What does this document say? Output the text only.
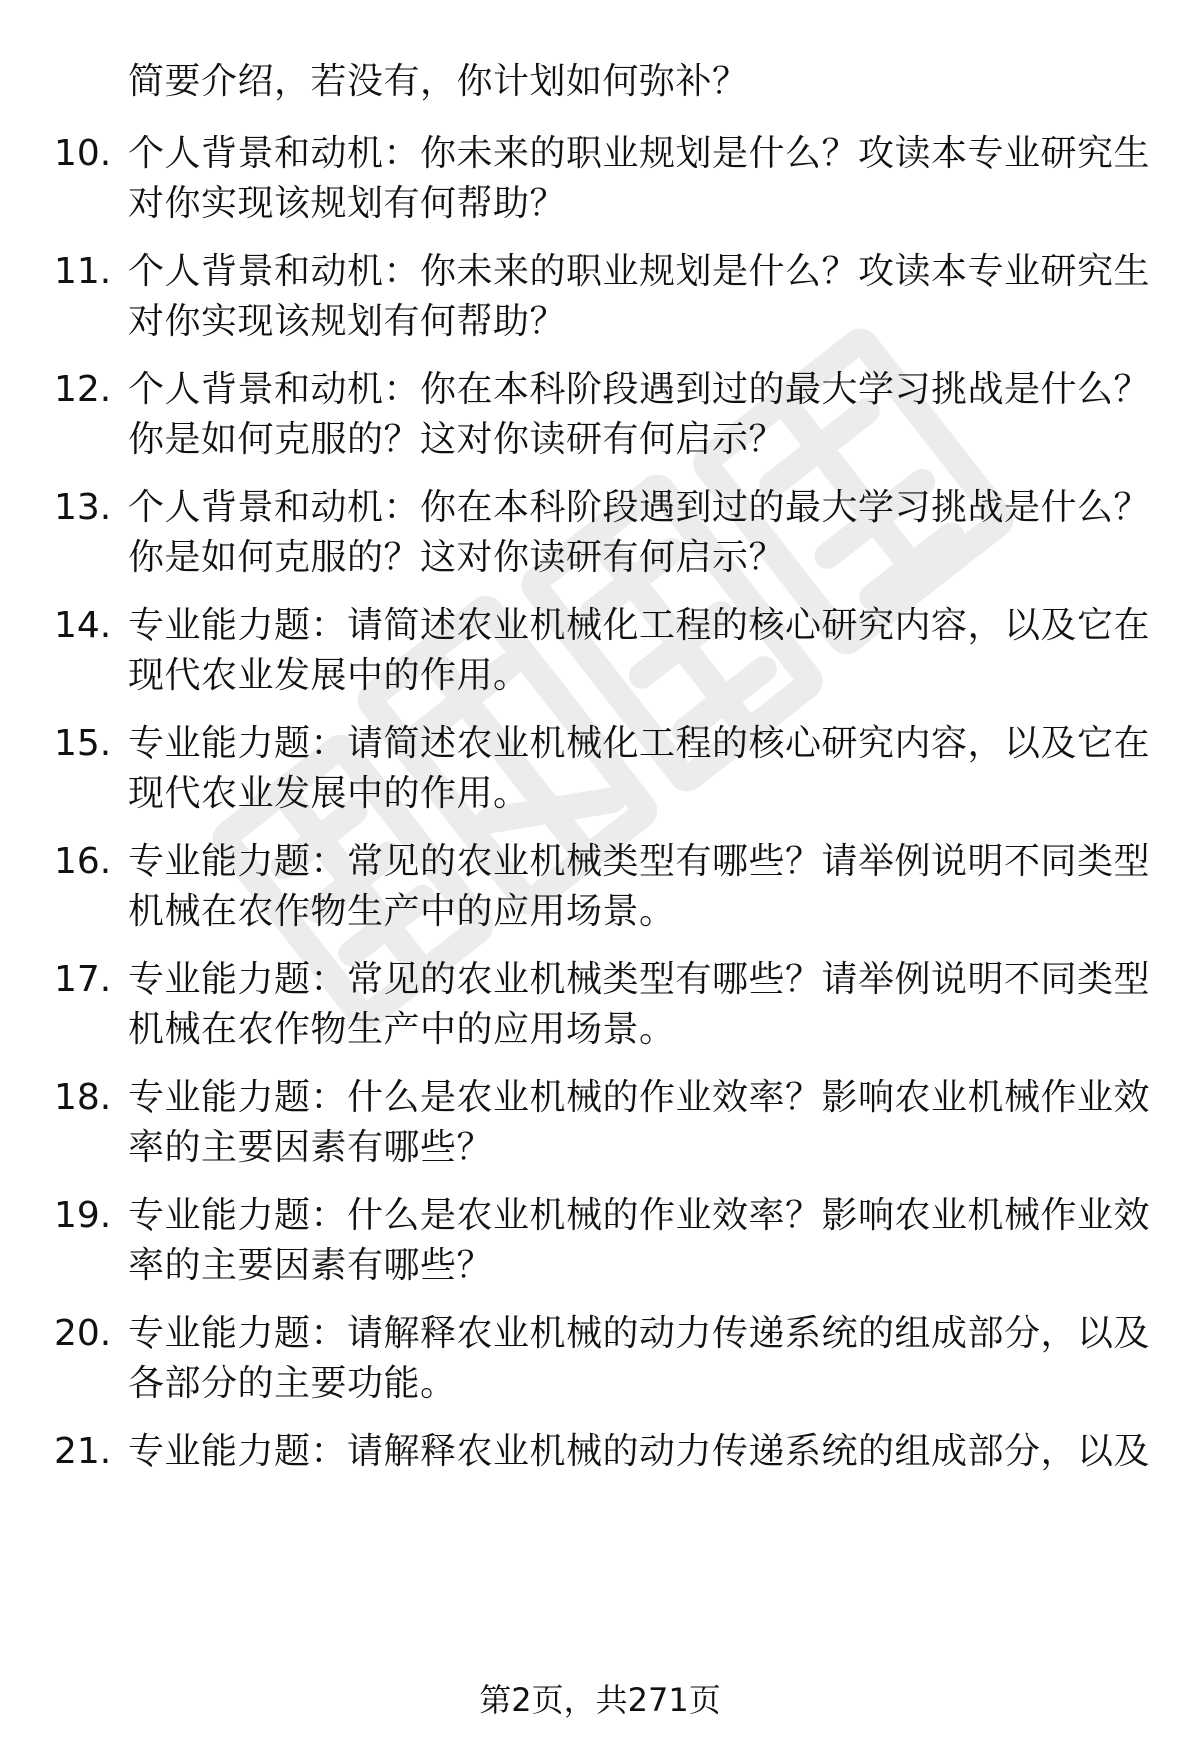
简要介绍，若没有，你计划如何弥补？
10. 个人背景和动机：你未来的职业规划是什么？攻读本专业研究生
对你实现该规划有何帮助？
11. 个人背景和动机：你未来的职业规划是什么？攻读本专业研究生
对你实现该规划有何帮助？
12. 个人背景和动机：你在本科阶段遇到过的最大学习挑战是什么？
你是如何克服的？这对你读研有何启示？
13. 个人背景和动机：你在本科阶段遇到过的最大学习挑战是什么？
你是如何克服的？这对你读研有何启示？
14. 专业能力题：请简述农业机械化工程的核心研究内容，以及它在
现代农业发展中的作用。
15. 专业能力题：请简述农业机械化工程的核心研究内容，以及它在
现代农业发展中的作用。
16. 专业能力题：常见的农业机械类型有哪些？请举例说明不同类型
机械在农作物生产中的应用场景。
17. 专业能力题：常见的农业机械类型有哪些？请举例说明不同类型
机械在农作物生产中的应用场景。
18. 专业能力题：什么是农业机械的作业效率？影响农业机械作业效
率的主要因素有哪些？
19. 专业能力题：什么是农业机械的作业效率？影响农业机械作业效
率的主要因素有哪些？
20. 专业能力题：请解释农业机械的动力传递系统的组成部分，以及
各部分的主要功能。
21. 专业能力题：请解释农业机械的动力传递系统的组成部分，以及
第2页，共271页
